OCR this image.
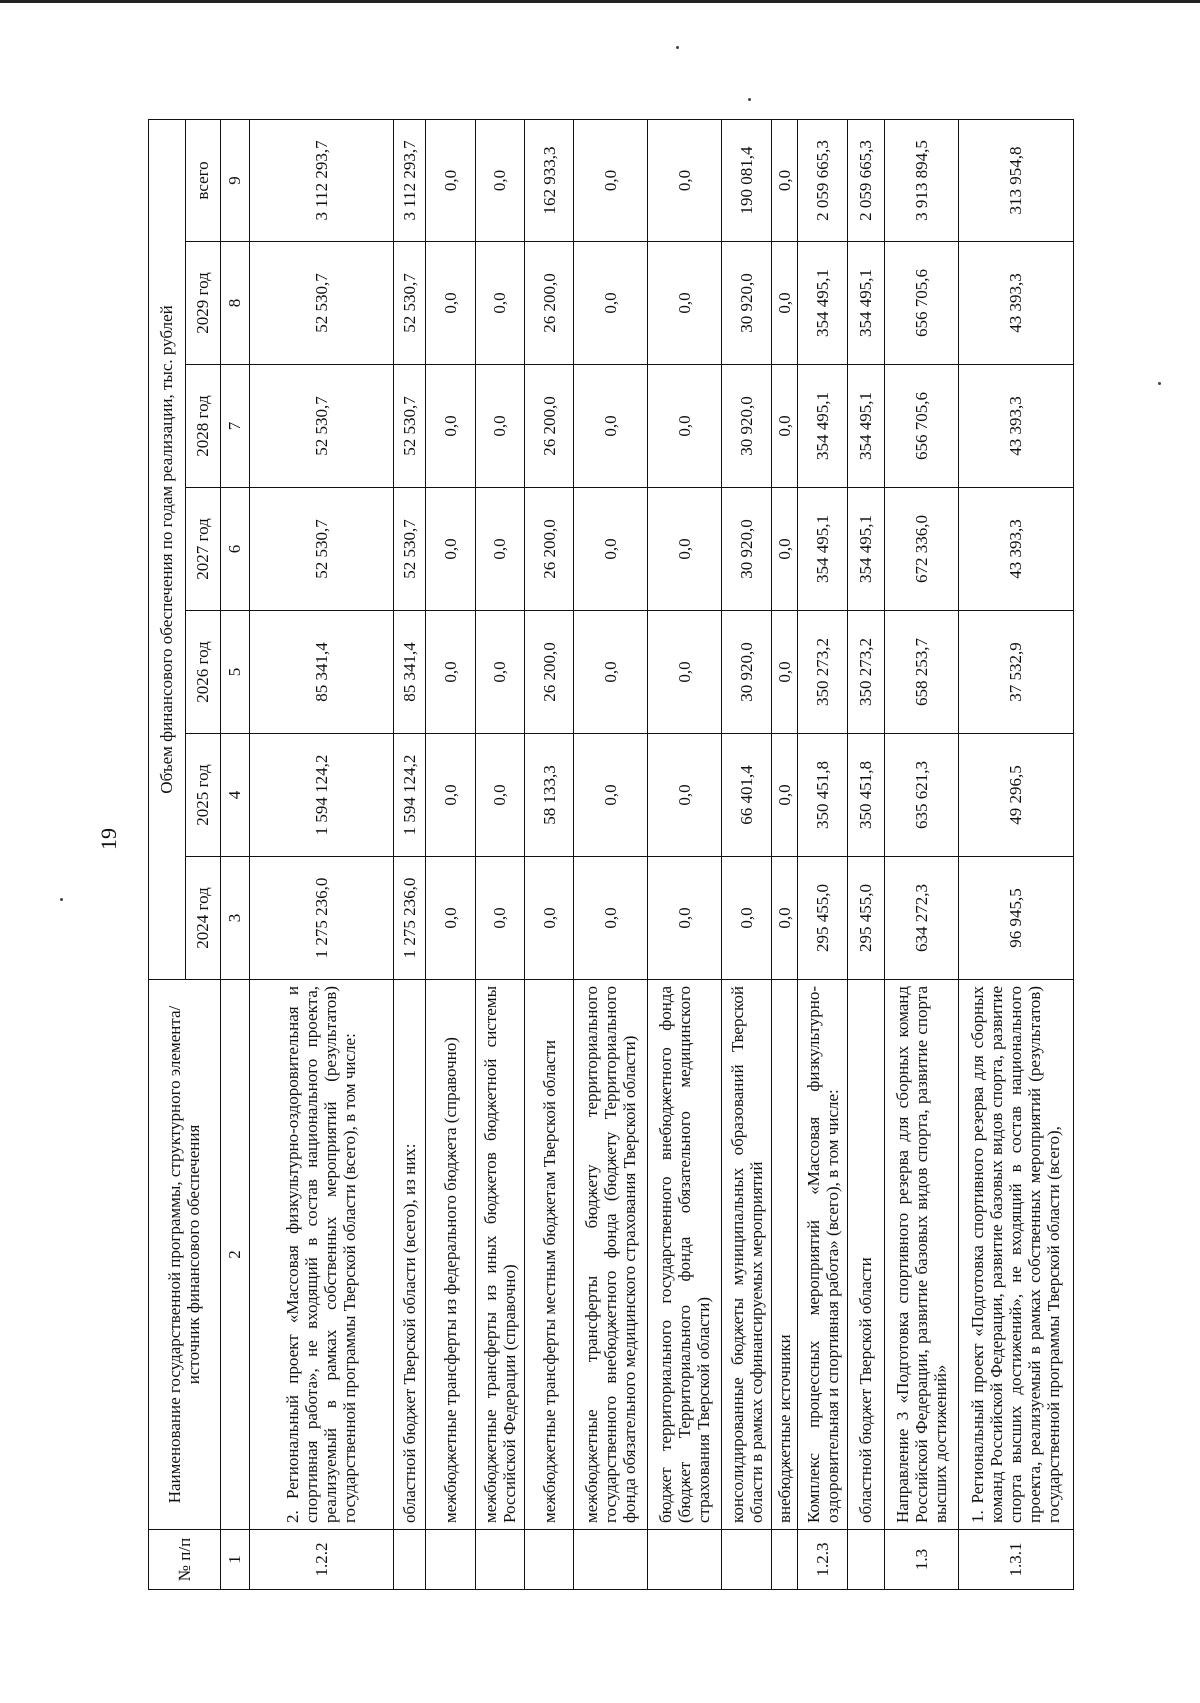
19
№ п/п	Наименование государственной программы, структурного элемента/источник финансового обеспечения	Объем финансового обеспечения по годам реализации, тыс. рублей						
		2024 год	2025 год	2026 год	2027 год	2028 год	2029 год	всего
1	2	3	4	5	6	7	8	9
1.2.2	2. Региональный проект «Массовая физкультурно-оздоровительная и спортивная работа», не входящий в состав национального проекта, реализуемый в рамках собственных мероприятий (результатов) государственной программы Тверской области (всего), в том числе:	1 275 236,0	1 594 124,2	85 341,4	52 530,7	52 530,7	52 530,7	3 112 293,7
	областной бюджет Тверской области (всего), из них:	1 275 236,0	1 594 124,2	85 341,4	52 530,7	52 530,7	52 530,7	3 112 293,7
	межбюджетные трансферты из федерального бюджета (справочно)	0,0	0,0	0,0	0,0	0,0	0,0	0,0
	межбюджетные трансферты из иных бюджетов бюджетной системы Российской Федерации (справочно)	0,0	0,0	0,0	0,0	0,0	0,0	0,0
	межбюджетные трансферты местным бюджетам Тверской области	0,0	58 133,3	26 200,0	26 200,0	26 200,0	26 200,0	162 933,3
	межбюджетные трансферты бюджету территориального государственного внебюджетного фонда (бюджету Территориального фонда обязательного медицинского страхования Тверской области)	0,0	0,0	0,0	0,0	0,0	0,0	0,0
	бюджет территориального государственного внебюджетного фонда (бюджет Территориального фонда обязательного медицинского страхования Тверской области)	0,0	0,0	0,0	0,0	0,0	0,0	0,0
	консолидированные бюджеты муниципальных образований Тверской области в рамках софинансируемых мероприятий	0,0	66 401,4	30 920,0	30 920,0	30 920,0	30 920,0	190 081,4
	внебюджетные источники	0,0	0,0	0,0	0,0	0,0	0,0	0,0
1.2.3	Комплекс процессных мероприятий «Массовая физкультурно-оздоровительная и спортивная работа» (всего), в том числе:	295 455,0	350 451,8	350 273,2	354 495,1	354 495,1	354 495,1	2 059 665,3
	областной бюджет Тверской области	295 455,0	350 451,8	350 273,2	354 495,1	354 495,1	354 495,1	2 059 665,3
1.3	Направление 3 «Подготовка спортивного резерва для сборных команд Российской Федерации, развитие базовых видов спорта, развитие спорта высших достижений»	634 272,3	635 621,3	658 253,7	672 336,0	656 705,6	656 705,6	3 913 894,5
1.3.1	1. Региональный проект «Подготовка спортивного резерва для сборных команд Российской Федерации, развитие базовых видов спорта, развитие спорта высших достижений», не входящий в состав национального проекта, реализуемый в рамках собственных мероприятий (результатов) государственной программы Тверской области (всего),	96 945,5	49 296,5	37 532,9	43 393,3	43 393,3	43 393,3	313 954,8
